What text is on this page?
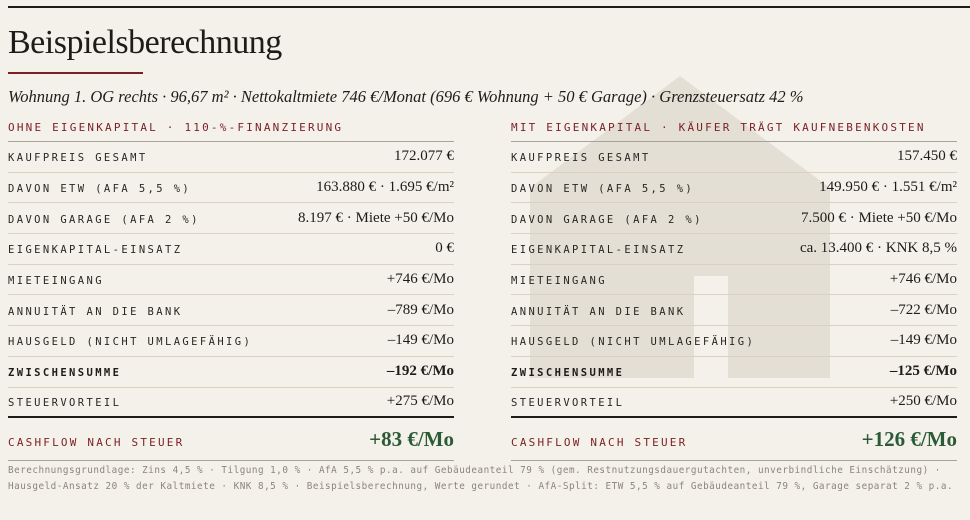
Beispielsberechnung
Wohnung 1. OG rechts · 96,67 m² · Nettokaltmiete 746 €/Monat (696 € Wohnung + 50 € Garage) · Grenzsteuersatz 42 %
OHNE EIGENKAPITAL · 110-%-FINANZIERUNG
KAUFPREIS GESAMT	172.077 €
DAVON ETW (AFA 5,5 %)	163.880 € · 1.695 €/m²
DAVON GARAGE (AFA 2 %)	8.197 € · Miete +50 €/Mo
EIGENKAPITAL-EINSATZ	0 €
MIETEINGANG	+746 €/Mo
ANNUITÄT AN DIE BANK	–789 €/Mo
HAUSGELD (NICHT UMLAGEFÄHIG)	–149 €/Mo
ZWISCHENSUMME	–192 €/Mo
STEUERVORTEIL	+275 €/Mo
CASHFLOW NACH STEUER	+83 €/Mo
MIT EIGENKAPITAL · KÄUFER TRÄGT KAUFNEBENKOSTEN
KAUFPREIS GESAMT	157.450 €
DAVON ETW (AFA 5,5 %)	149.950 € · 1.551 €/m²
DAVON GARAGE (AFA 2 %)	7.500 € · Miete +50 €/Mo
EIGENKAPITAL-EINSATZ	ca. 13.400 € · KNK 8,5 %
MIETEINGANG	+746 €/Mo
ANNUITÄT AN DIE BANK	–722 €/Mo
HAUSGELD (NICHT UMLAGEFÄHIG)	–149 €/Mo
ZWISCHENSUMME	–125 €/Mo
STEUERVORTEIL	+250 €/Mo
CASHFLOW NACH STEUER	+126 €/Mo
Berechnungsgrundlage: Zins 4,5 % · Tilgung 1,0 % · AfA 5,5 % p.a. auf Gebäudeanteil 79 % (gem. Restnutzungsdauergutachten, unverbindliche Einschätzung) · Hausgeld-Ansatz 20 % der Kaltmiete · KNK 8,5 % · Beispielsberechnung, Werte gerundet · AfA-Split: ETW 5,5 % auf Gebäudeanteil 79 %, Garage separat 2 % p.a.
